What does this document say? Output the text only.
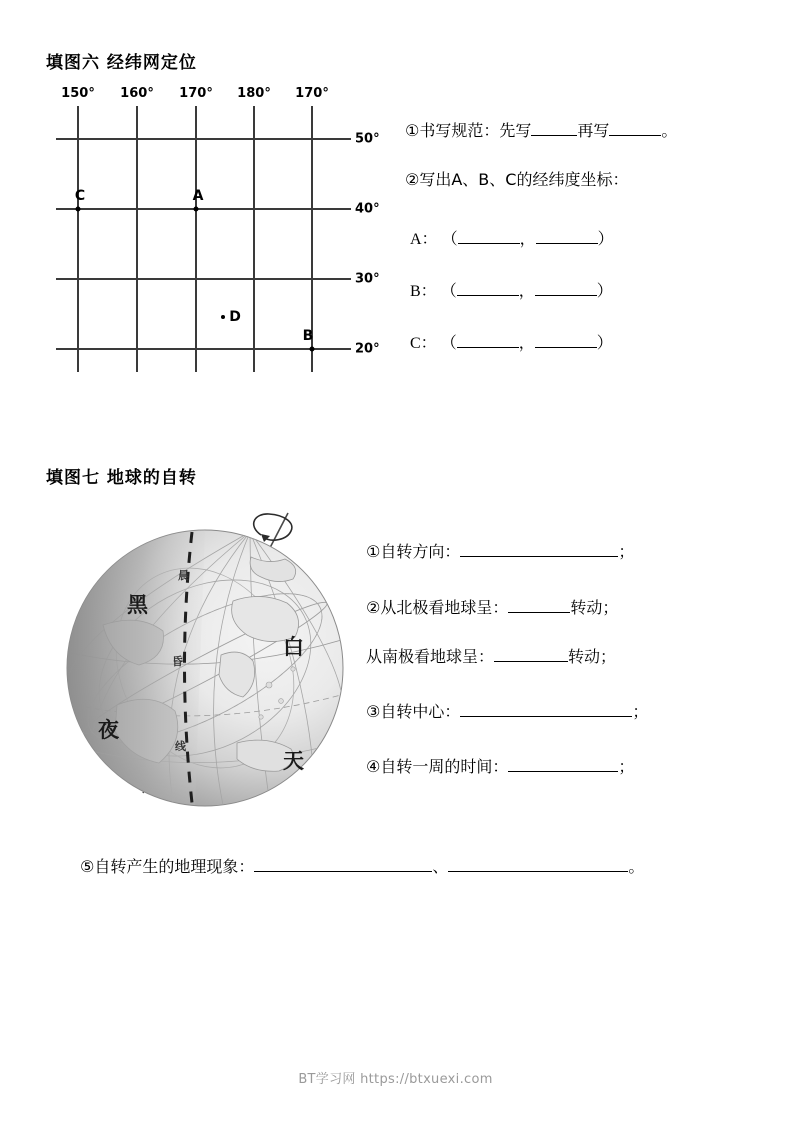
填图六 经纬网定位
150° 160° 170° 180° 170°
50°
40°
30°
20°
C	A
B
D
①书写规范：先写	再写	。
②写出A、B、C的经纬度坐标：
A： （	，	）
B： （	，	）
C： （	，	）
填图七 地球的自转
黑
夜
白
天
晨
昏
线
①自转方向：	；
②从北极看地球呈：	转动；
从南极看地球呈：	转动；
③自转中心：	；
④自转一周的时间：	；
⑤自转产生的地理现象：	、	。
BT学习网 https://btxuexi.com
